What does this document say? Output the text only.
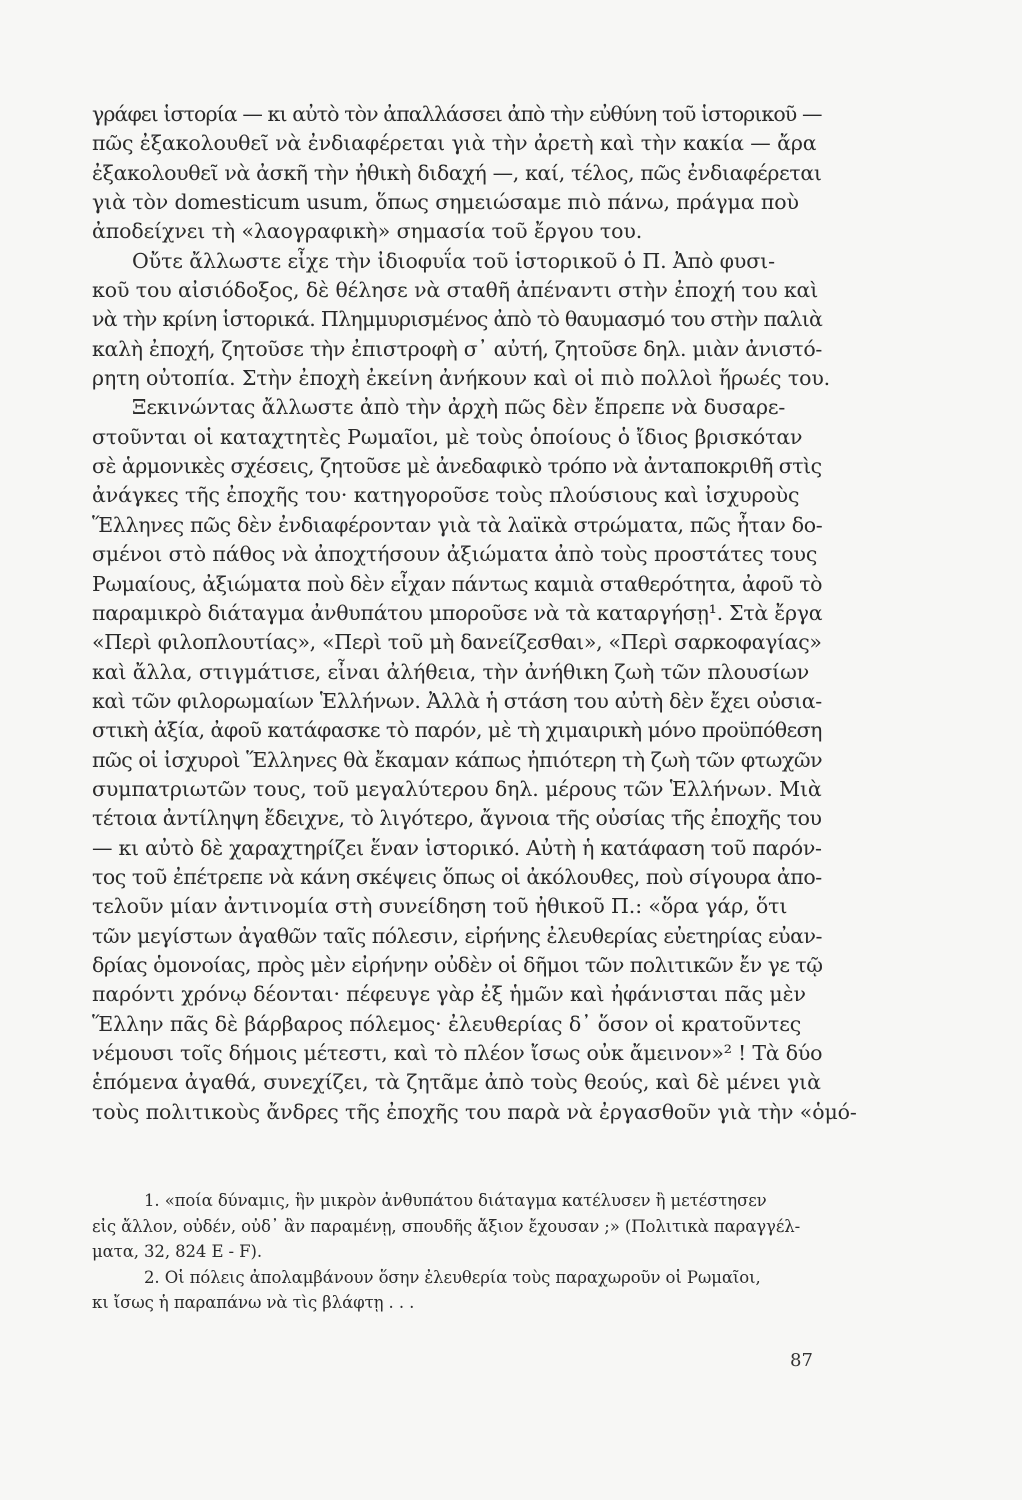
γράφει ἱστορία — κι αὐτὸ τὸν ἀπαλλάσσει ἀπὸ τὴν εὐθύνη τοῦ ἱστορικοῦ —
πῶς ἐξακολουθεῖ νὰ ἐνδιαφέρεται γιὰ τὴν ἀρετὴ καὶ τὴν κακία — ἄρα
ἐξακολουθεῖ νὰ ἀσκῆ τὴν ἠθικὴ διδαχή —, καί, τέλος, πῶς ἐνδιαφέρεται
γιὰ τὸν domesticum usum, ὅπως σημειώσαμε πιὸ πάνω, πράγμα ποὺ
ἀποδείχνει τὴ «λαογραφικὴ» σημασία τοῦ ἔργου του.
Οὔτε ἄλλωστε εἶχε τὴν ἰδιοφυΐα τοῦ ἱστορικοῦ ὁ Π. Ἀπὸ φυσι-
κοῦ του αἰσιόδοξος, δὲ θέλησε νὰ σταθῆ ἀπέναντι στὴν ἐποχή του καὶ
νὰ τὴν κρίνη ἱστορικά. Πλημμυρισμένος ἀπὸ τὸ θαυμασμό του στὴν παλιὰ
καλὴ ἐποχή, ζητοῦσε τὴν ἐπιστροφὴ σ᾽ αὐτή, ζητοῦσε δηλ. μιὰν ἀνιστό-
ρητη οὐτοπία. Στὴν ἐποχὴ ἐκείνη ἀνήκουν καὶ οἱ πιὸ πολλοὶ ἥρωές του.
Ξεκινώντας ἄλλωστε ἀπὸ τὴν ἀρχὴ πῶς δὲν ἔπρεπε νὰ δυσαρε-
στοῦνται οἱ καταχτητὲς Ρωμαῖοι, μὲ τοὺς ὁποίους ὁ ἴδιος βρισκόταν
σὲ ἁρμονικὲς σχέσεις, ζητοῦσε μὲ ἀνεδαφικὸ τρόπο νὰ ἀνταποκριθῆ στὶς
ἀνάγκες τῆς ἐποχῆς του· κατηγοροῦσε τοὺς πλούσιους καὶ ἰσχυροὺς
Ἕλληνες πῶς δὲν ἐνδιαφέρονταν γιὰ τὰ λαϊκὰ στρώματα, πῶς ἦταν δο-
σμένοι στὸ πάθος νὰ ἀποχτήσουν ἀξιώματα ἀπὸ τοὺς προστάτες τους
Ρωμαίους, ἀξιώματα ποὺ δὲν εἶχαν πάντως καμιὰ σταθερότητα, ἀφοῦ τὸ
παραμικρὸ διάταγμα ἀνθυπάτου μποροῦσε νὰ τὰ καταργήσῃ¹. Στὰ ἔργα
«Περὶ φιλοπλουτίας», «Περὶ τοῦ μὴ δανείζεσθαι», «Περὶ σαρκοφαγίας»
καὶ ἄλλα, στιγμάτισε, εἶναι ἀλήθεια, τὴν ἀνήθικη ζωὴ τῶν πλουσίων
καὶ τῶν φιλορωμαίων Ἑλλήνων. Ἀλλὰ ἡ στάση του αὐτὴ δὲν ἔχει οὐσια-
στικὴ ἀξία, ἀφοῦ κατάφασκε τὸ παρόν, μὲ τὴ χιμαιρικὴ μόνο προϋπόθεση
πῶς οἱ ἰσχυροὶ Ἕλληνες θὰ ἔκαμαν κάπως ἠπιότερη τὴ ζωὴ τῶν φτωχῶν
συμπατριωτῶν τους, τοῦ μεγαλύτερου δηλ. μέρους τῶν Ἑλλήνων. Μιὰ
τέτοια ἀντίληψη ἔδειχνε, τὸ λιγότερο, ἄγνοια τῆς οὐσίας τῆς ἐποχῆς του
— κι αὐτὸ δὲ χαραχτηρίζει ἕναν ἱστορικό. Αὐτὴ ἡ κατάφαση τοῦ παρόν-
τος τοῦ ἐπέτρεπε νὰ κάνη σκέψεις ὅπως οἱ ἀκόλουθες, ποὺ σίγουρα ἀπο-
τελοῦν μίαν ἀντινομία στὴ συνείδηση τοῦ ἠθικοῦ Π.: «ὅρα γάρ, ὅτι
τῶν μεγίστων ἀγαθῶν ταῖς πόλεσιν, εἰρήνης ἐλευθερίας εὐετηρίας εὐαν-
δρίας ὁμονοίας, πρὸς μὲν εἰρήνην οὐδὲν οἱ δῆμοι τῶν πολιτικῶν ἔν γε τῷ
παρόντι χρόνῳ δέονται· πέφευγε γὰρ ἐξ ἡμῶν καὶ ἠφάνισται πᾶς μὲν
Ἕλλην πᾶς δὲ βάρβαρος πόλεμος· ἐλευθερίας δ᾽ ὅσον οἱ κρατοῦντες
νέμουσι τοῖς δήμοις μέτεστι, καὶ τὸ πλέον ἴσως οὐκ ἄμεινον»² ! Τὰ δύο
ἑπόμενα ἀγαθά, συνεχίζει, τὰ ζητᾶμε ἀπὸ τοὺς θεούς, καὶ δὲ μένει γιὰ
τοὺς πολιτικοὺς ἄνδρες τῆς ἐποχῆς του παρὰ νὰ ἐργασθοῦν γιὰ τὴν «ὁμό-
1. «ποία δύναμις, ἣν μικρὸν ἀνθυπάτου διάταγμα κατέλυσεν ἢ μετέστησεν
εἰς ἄλλον, οὐδέν, οὐδ᾽ ἂν παραμένῃ, σπουδῆς ἄξιον ἔχουσαν ;» (Πολιτικὰ παραγγέλ-
ματα, 32, 824 E - F).
2. Οἱ πόλεις ἀπολαμβάνουν ὅσην ἐλευθερία τοὺς παραχωροῦν οἱ Ρωμαῖοι,
κι ἴσως ἡ παραπάνω νὰ τὶς βλάφτῃ . . .
87
